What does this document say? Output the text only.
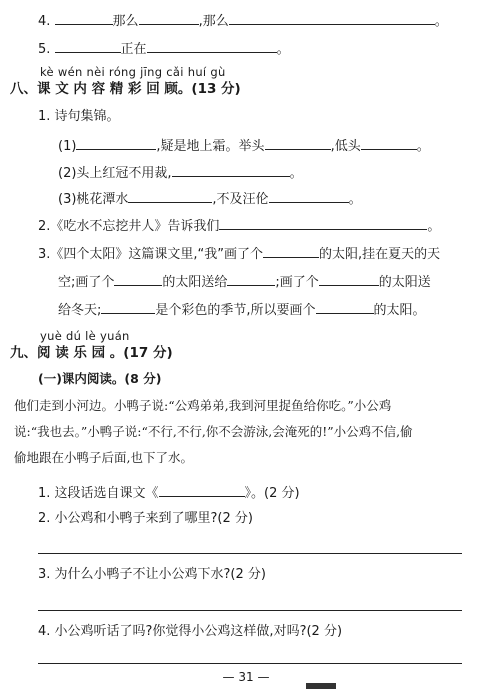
4.	那么	,那么	。
5.	正在	。
kè wén nèi róng jīng cǎi huí gù
八、课 文 内 容 精 彩 回 顾。(13 分)
1. 诗句集锦。
(1)	,疑是地上霜。举头	,低头	。
(2)头上红冠不用裁,	。
(3)桃花潭水	,不及汪伦	。
2.《吃水不忘挖井人》告诉我们	。
3.《四个太阳》这篇课文里,“我”画了个	的太阳,挂在夏天的天
空;画了个	的太阳送给	;画了个	的太阳送
给冬天;	是个彩色的季节,所以要画个	的太阳。
yuè dú lè yuán
九、阅 读 乐 园 。(17 分)
(一)课内阅读。(8 分)
他们走到小河边。小鸭子说:“公鸡弟弟,我到河里捉鱼给你吃。”小公鸡
说:“我也去。”小鸭子说:“不行,不行,你不会游泳,会淹死的!”小公鸡不信,偷
偷地跟在小鸭子后面,也下了水。
1. 这段话选自课文《	》。(2 分)
2. 小公鸡和小鸭子来到了哪里?(2 分)
3. 为什么小鸭子不让小公鸡下水?(2 分)
4. 小公鸡听话了吗?你觉得小公鸡这样做,对吗?(2 分)
— 31 —
